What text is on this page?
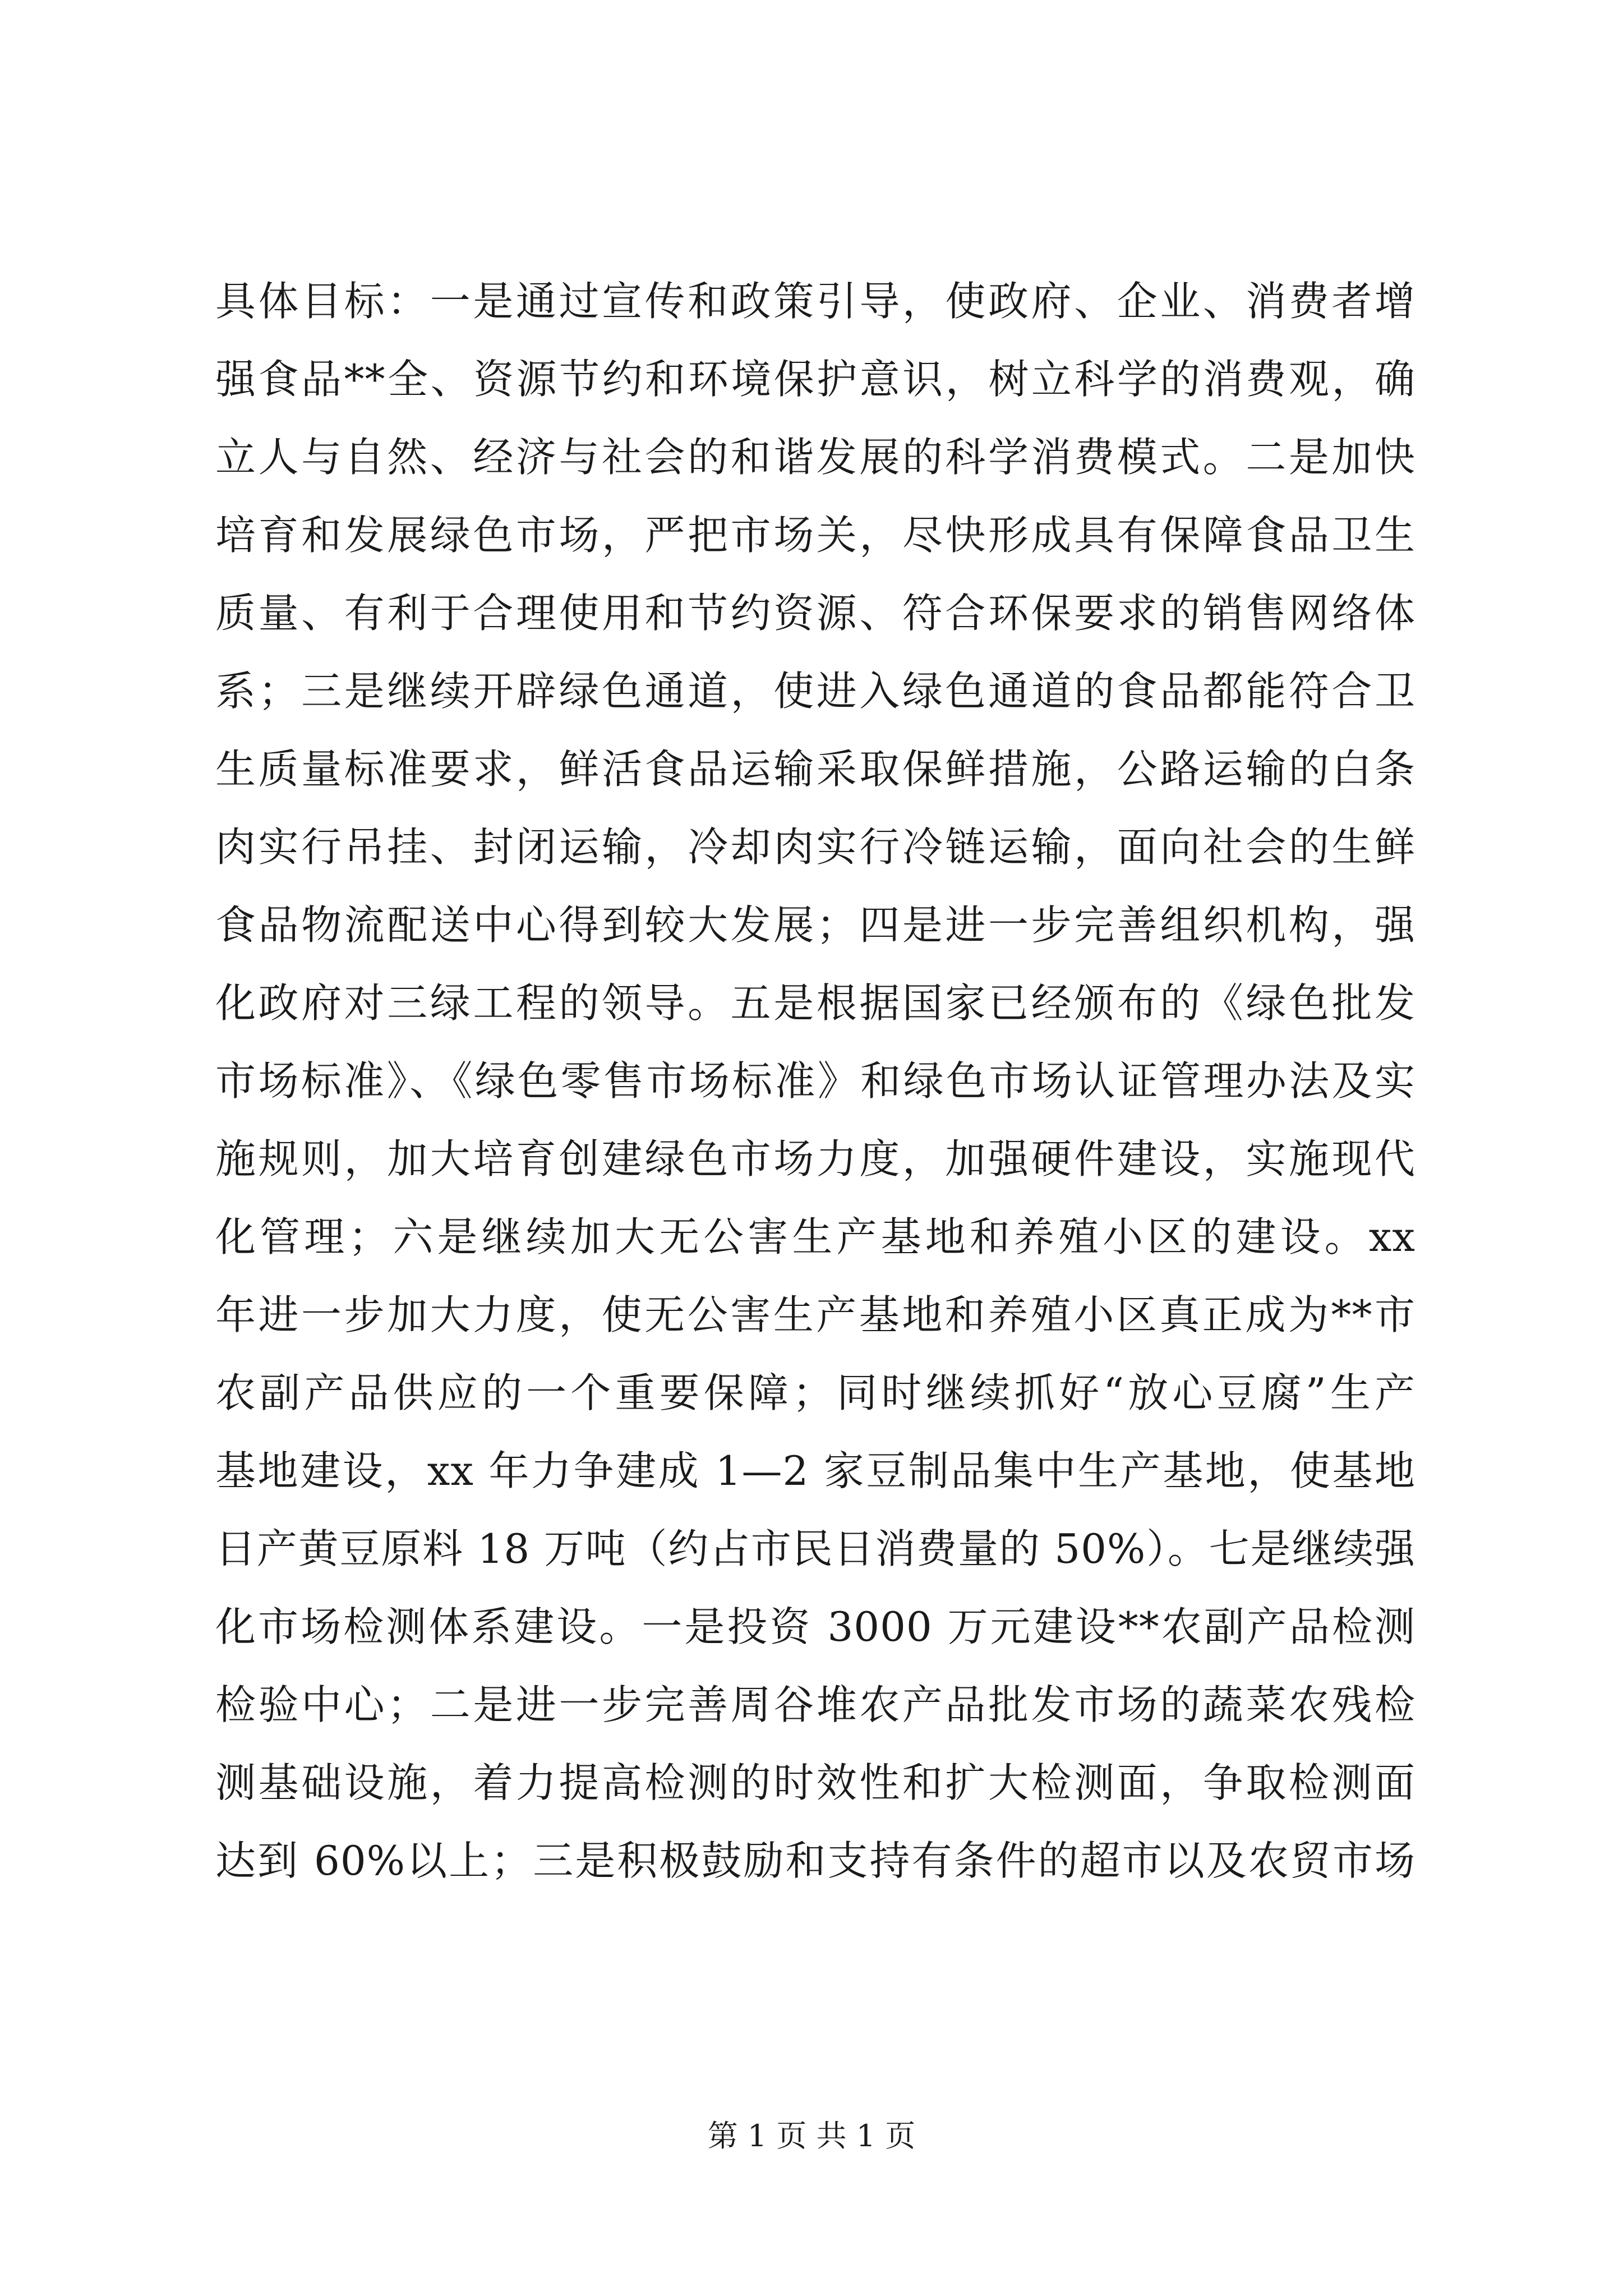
具体目标：一是通过宣传和政策引导，使政府、企业、消费者增
强食品**全、资源节约和环境保护意识，树立科学的消费观，确
立人与自然、经济与社会的和谐发展的科学消费模式。二是加快
培育和发展绿色市场，严把市场关，尽快形成具有保障食品卫生
质量、有利于合理使用和节约资源、符合环保要求的销售网络体
系；三是继续开辟绿色通道，使进入绿色通道的食品都能符合卫
生质量标准要求，鲜活食品运输采取保鲜措施，公路运输的白条
肉实行吊挂、封闭运输，冷却肉实行冷链运输，面向社会的生鲜
食品物流配送中心得到较大发展；四是进一步完善组织机构，强
化政府对三绿工程的领导。五是根据国家已经颁布的《绿色批发
市场标准》、《绿色零售市场标准》和绿色市场认证管理办法及实
施规则，加大培育创建绿色市场力度，加强硬件建设，实施现代
化管理；六是继续加大无公害生产基地和养殖小区的建设。xx
年进一步加大力度，使无公害生产基地和养殖小区真正成为**市
农副产品供应的一个重要保障；同时继续抓好“放心豆腐”生产
基地建设，xx 年力争建成 1—2 家豆制品集中生产基地，使基地
日产黄豆原料 18 万吨（约占市民日消费量的 50%）。七是继续强
化市场检测体系建设。一是投资 3000 万元建设**农副产品检测
检验中心；二是进一步完善周谷堆农产品批发市场的蔬菜农残检
测基础设施，着力提高检测的时效性和扩大检测面，争取检测面
达到 60%以上；三是积极鼓励和支持有条件的超市以及农贸市场
第 1 页 共 1 页
